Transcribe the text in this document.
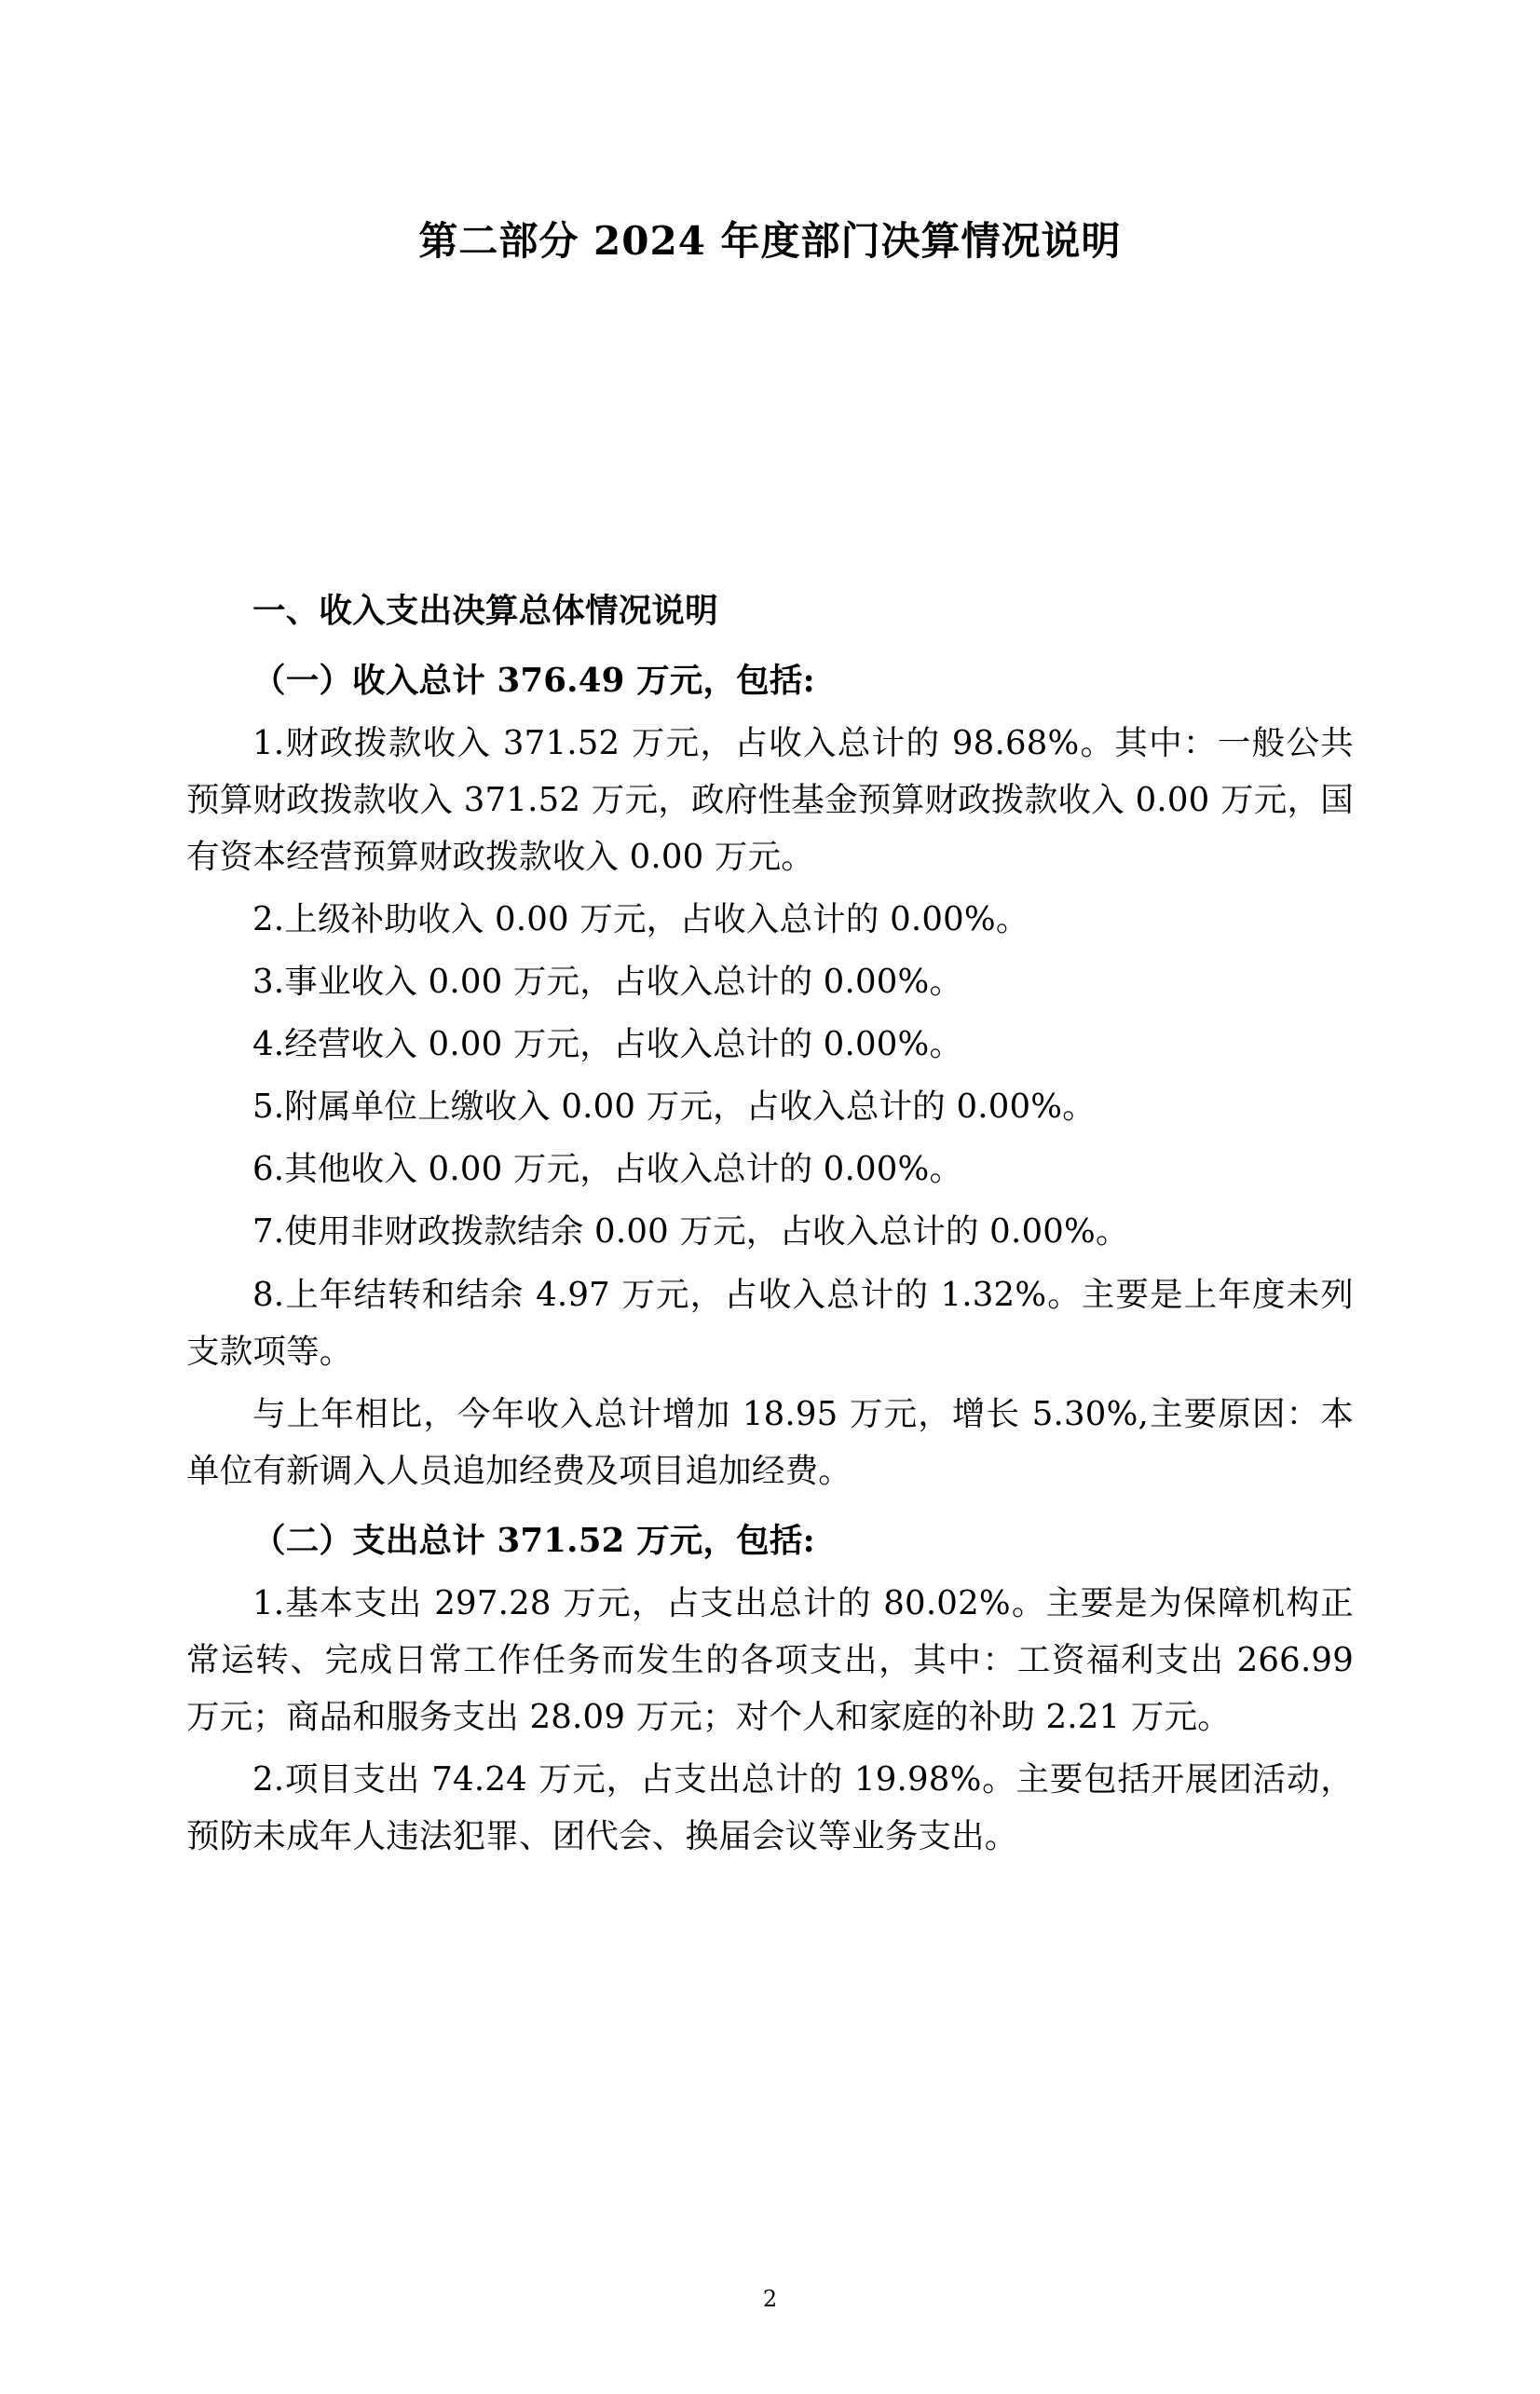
第二部分 2024 年度部门决算情况说明

一、收入支出决算总体情况说明

（一）收入总计 376.49 万元，包括:

1.财政拨款收入 371.52 万元，占收入总计的 98.68%。其中：一般公共预算财政拨款收入 371.52 万元，政府性基金预算财政拨款收入 0.00 万元，国有资本经营预算财政拨款收入 0.00 万元。

2.上级补助收入 0.00 万元，占收入总计的 0.00%。

3.事业收入 0.00 万元，占收入总计的 0.00%。

4.经营收入 0.00 万元，占收入总计的 0.00%。

5.附属单位上缴收入 0.00 万元，占收入总计的 0.00%。

6.其他收入 0.00 万元，占收入总计的 0.00%。

7.使用非财政拨款结余 0.00 万元，占收入总计的 0.00%。

8.上年结转和结余 4.97 万元，占收入总计的 1.32%。主要是上年度未列支款项等。

与上年相比，今年收入总计增加 18.95 万元，增长 5.30%,主要原因：本单位有新调入人员追加经费及项目追加经费。

（二）支出总计 371.52 万元，包括:

1.基本支出 297.28 万元，占支出总计的 80.02%。主要是为保障机构正常运转、完成日常工作任务而发生的各项支出，其中：工资福利支出 266.99 万元；商品和服务支出 28.09 万元；对个人和家庭的补助 2.21 万元。

2.项目支出 74.24 万元，占支出总计的 19.98%。主要包括开展团活动，预防未成年人违法犯罪、团代会、换届会议等业务支出。

2
